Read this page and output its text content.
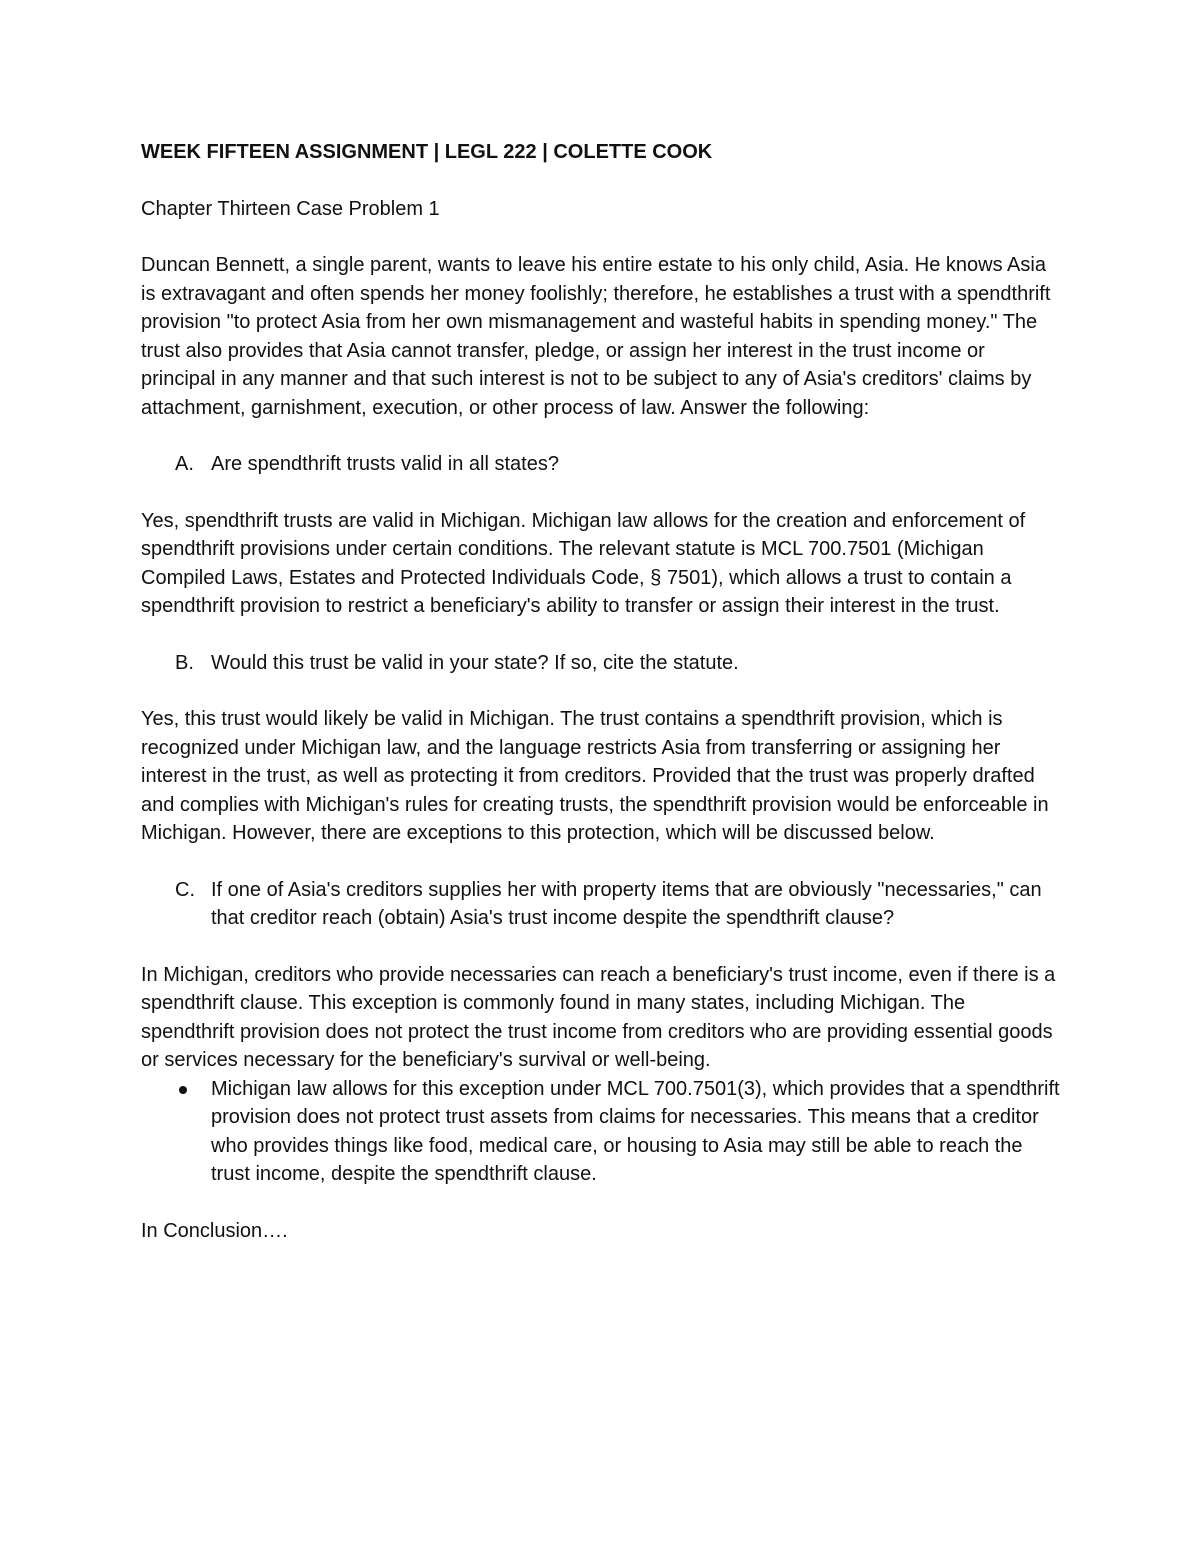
WEEK FIFTEEN ASSIGNMENT | LEGL 222 | COLETTE COOK

Chapter Thirteen Case Problem 1

Duncan Bennett, a single parent, wants to leave his entire estate to his only child, Asia. He knows Asia is extravagant and often spends her money foolishly; therefore, he establishes a trust with a spendthrift provision "to protect Asia from her own mismanagement and wasteful habits in spending money." The trust also provides that Asia cannot transfer, pledge, or assign her interest in the trust income or principal in any manner and that such interest is not to be subject to any of Asia's creditors' claims by attachment, garnishment, execution, or other process of law. Answer the following:

A. Are spendthrift trusts valid in all states?

Yes, spendthrift trusts are valid in Michigan. Michigan law allows for the creation and enforcement of spendthrift provisions under certain conditions. The relevant statute is MCL 700.7501 (Michigan Compiled Laws, Estates and Protected Individuals Code, § 7501), which allows a trust to contain a spendthrift provision to restrict a beneficiary's ability to transfer or assign their interest in the trust.

B. Would this trust be valid in your state? If so, cite the statute.

Yes, this trust would likely be valid in Michigan. The trust contains a spendthrift provision, which is recognized under Michigan law, and the language restricts Asia from transferring or assigning her interest in the trust, as well as protecting it from creditors. Provided that the trust was properly drafted and complies with Michigan's rules for creating trusts, the spendthrift provision would be enforceable in Michigan. However, there are exceptions to this protection, which will be discussed below.

C. If one of Asia's creditors supplies her with property items that are obviously "necessaries," can that creditor reach (obtain) Asia's trust income despite the spendthrift clause?

In Michigan, creditors who provide necessaries can reach a beneficiary's trust income, even if there is a spendthrift clause. This exception is commonly found in many states, including Michigan. The spendthrift provision does not protect the trust income from creditors who are providing essential goods or services necessary for the beneficiary's survival or well-being.

Michigan law allows for this exception under MCL 700.7501(3), which provides that a spendthrift provision does not protect trust assets from claims for necessaries. This means that a creditor who provides things like food, medical care, or housing to Asia may still be able to reach the trust income, despite the spendthrift clause.

In Conclusion….
